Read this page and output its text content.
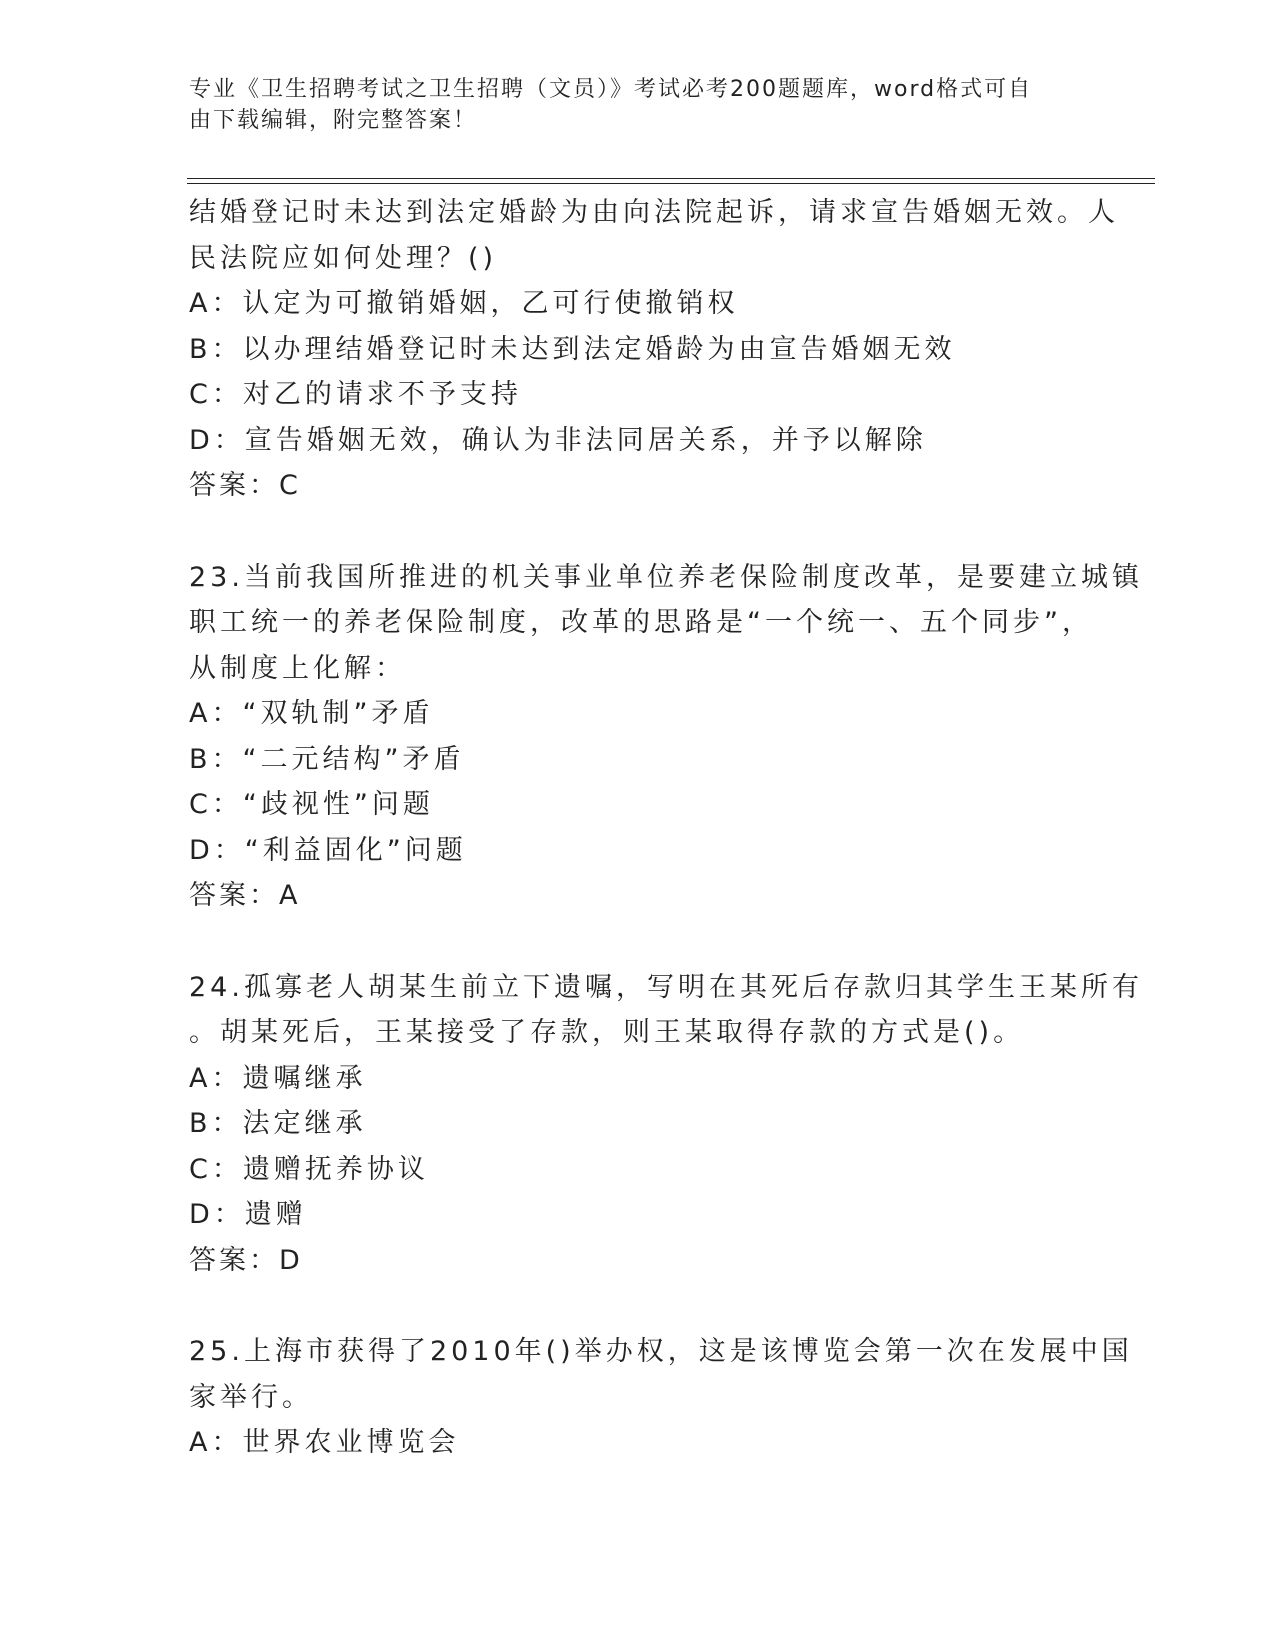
专业《卫生招聘考试之卫生招聘（文员）》考试必考200题题库，word格式可自
由下载编辑，附完整答案！
结婚登记时未达到法定婚龄为由向法院起诉，请求宣告婚姻无效。人
民法院应如何处理？()
A：认定为可撤销婚姻，乙可行使撤销权
B：以办理结婚登记时未达到法定婚龄为由宣告婚姻无效
C：对乙的请求不予支持
D：宣告婚姻无效，确认为非法同居关系，并予以解除
答案：C
23.当前我国所推进的机关事业单位养老保险制度改革，是要建立城镇
职工统一的养老保险制度，改革的思路是“一个统一、五个同步”，
从制度上化解：
A：“双轨制”矛盾
B：“二元结构”矛盾
C：“歧视性”问题
D：“利益固化”问题
答案：A
24.孤寡老人胡某生前立下遗嘱，写明在其死后存款归其学生王某所有
。胡某死后，王某接受了存款，则王某取得存款的方式是()。
A：遗嘱继承
B：法定继承
C：遗赠抚养协议
D：遗赠
答案：D
25.上海市获得了2010年()举办权，这是该博览会第一次在发展中国
家举行。
A：世界农业博览会
